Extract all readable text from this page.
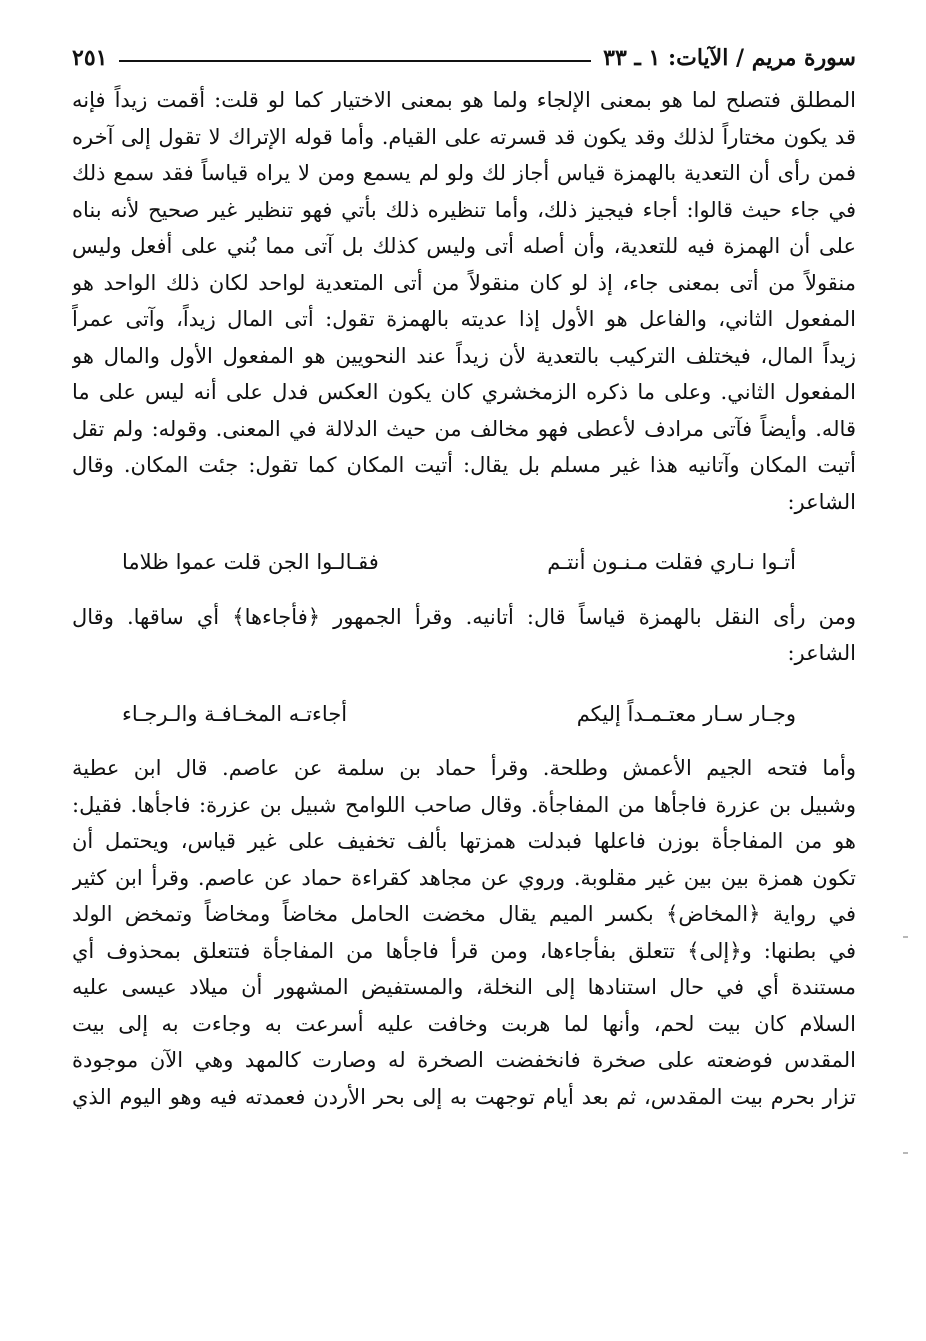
سورة مريم / الآيات: ١ ـ ٣٣
٢٥١
المطلق فتصلح لما هو بمعنى الإلجاء ولما هو بمعنى الاختيار كما لو قلت: أقمت زيداً فإنه
قد يكون مختاراً لذلك وقد يكون قد قسرته على القيام. وأما قوله الإتراك لا تقول إلى آخره
فمن رأى أن التعدية بالهمزة قياس أجاز لك ولو لم يسمع ومن لا يراه قياساً فقد سمع ذلك
في جاء حيث قالوا: أجاء فيجيز ذلك، وأما تنظيره ذلك بأتي فهو تنظير غير صحيح لأنه بناه
على أن الهمزة فيه للتعدية، وأن أصله أتى وليس كذلك بل آتى مما بُني على أفعل وليس
منقولاً من أتى بمعنى جاء، إذ لو كان منقولاً من أتى المتعدية لواحد لكان ذلك الواحد هو
المفعول الثاني، والفاعل هو الأول إذا عديته بالهمزة تقول: أتى المال زيداً، وآتى عمراً
زيداً المال، فيختلف التركيب بالتعدية لأن زيداً عند النحويين هو المفعول الأول والمال هو
المفعول الثاني. وعلى ما ذكره الزمخشري كان يكون العكس فدل على أنه ليس على ما
قاله. وأيضاً فآتى مرادف لأعطى فهو مخالف من حيث الدلالة في المعنى. وقوله: ولم تقل
أتيت المكان وآتانيه هذا غير مسلم بل يقال: أتيت المكان كما تقول: جئت المكان. وقال
الشاعر:
أتـوا نـاري فقلت مـنـون أنتـم
فقـالـوا الجن قلت عموا ظلاما
ومن رأى النقل بالهمزة قياساً قال: أتانيه. وقرأ الجمهور ﴿فأجاءها﴾ أي ساقها. وقال
الشاعر:
وجـار سـار معتـمـداً إليكم
أجاءتـه المخـافـة والـرجـاء
وأما فتحه الجيم الأعمش وطلحة. وقرأ حماد بن سلمة عن عاصم. قال ابن عطية
وشبيل بن عزرة فاجأها من المفاجأة. وقال صاحب اللوامح شبيل بن عزرة: فاجأها. فقيل:
هو من المفاجأة بوزن فاعلها فبدلت همزتها بألف تخفيف على غير قياس، ويحتمل أن
تكون همزة بين بين غير مقلوبة. وروي عن مجاهد كقراءة حماد عن عاصم. وقرأ ابن كثير
في رواية ﴿المخاض﴾ بكسر الميم يقال مخضت الحامل مخاضاً ومخاضاً وتمخض الولد
في بطنها: و﴿إلى﴾ تتعلق بفأجاءها، ومن قرأ فاجأها من المفاجأة فتتعلق بمحذوف أي
مستندة أي في حال استنادها إلى النخلة، والمستفيض المشهور أن ميلاد عيسى عليه
السلام كان بيت لحم، وأنها لما هربت وخافت عليه أسرعت به وجاءت به إلى بيت
المقدس فوضعته على صخرة فانخفضت الصخرة له وصارت كالمهد وهي الآن موجودة
تزار بحرم بيت المقدس، ثم بعد أيام توجهت به إلى بحر الأردن فعمدته فيه وهو اليوم الذي
